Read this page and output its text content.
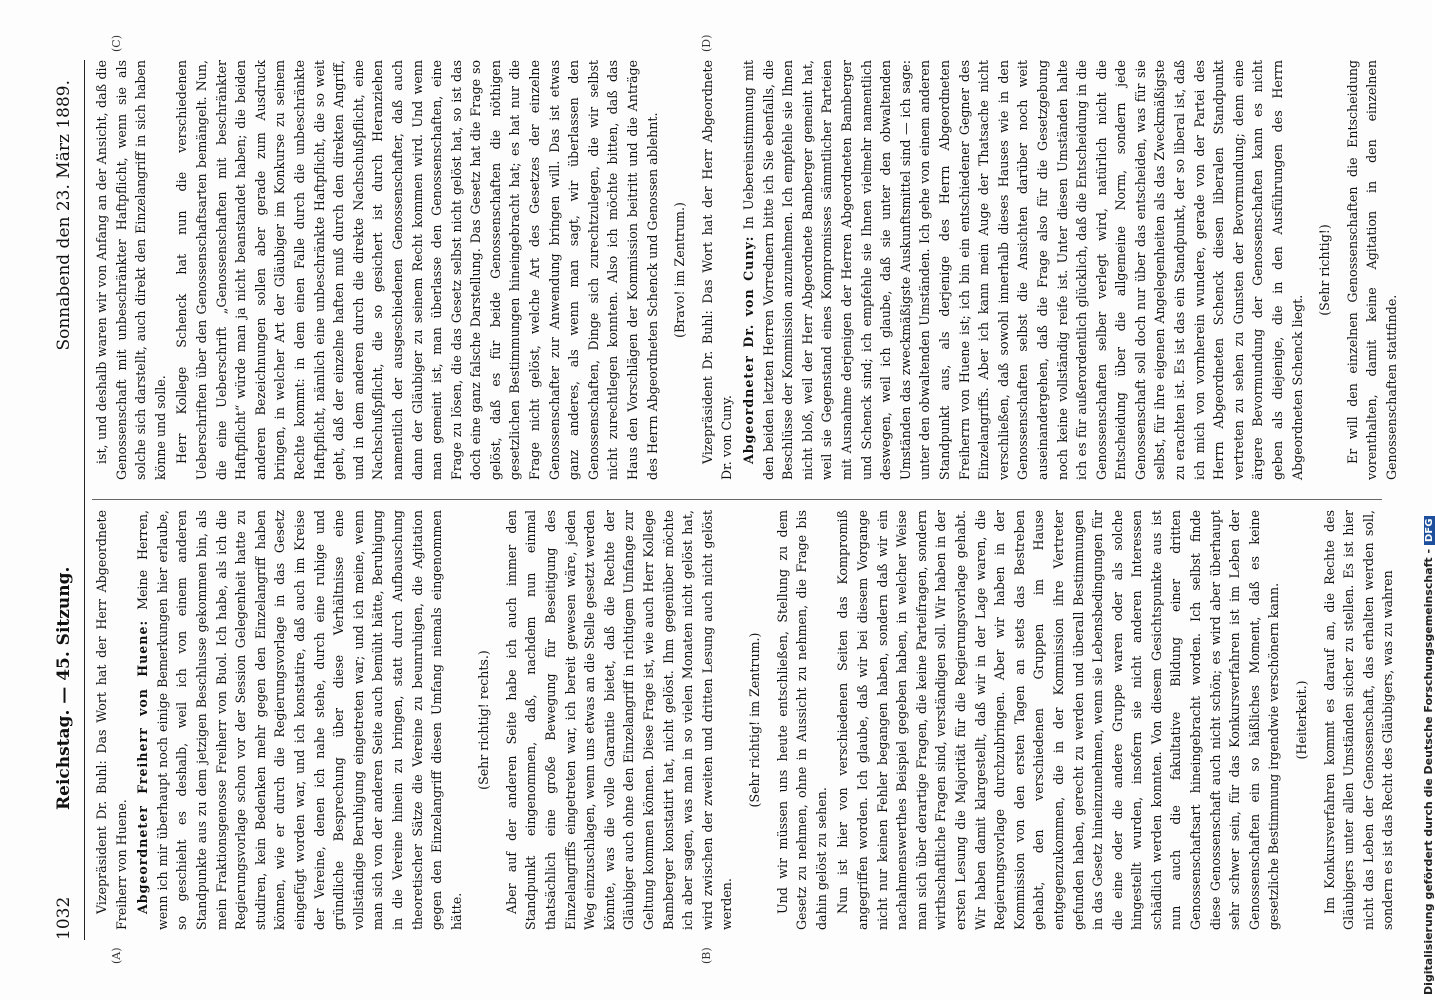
1032
Reichstag. — 45. Sitzung.
Sonnabend den 23. März 1889.
(A)	(B)
(C)	(D)

Vizepräsident Dr. Buhl: Das Wort hat der Herr Abgeordnete Freiherr von Huene. Abgeordneter Freiherr von Huene: Meine Herren, wenn ich mir überhaupt noch einige Bemerkungen hier erlaube, so geschieht es deshalb, weil ich von einem anderen Standpunkte aus zu dem jetzigen Beschlusse gekommen bin, als mein Fraktionsgenosse Freiherr von Buol. Ich habe, als ich die Regierungsvorlage schon vor der Session Gelegenheit hatte zu studiren, kein Bedenken mehr gegen den Einzelangriff haben können, wie er durch die Regierungsvorlage in das Gesetz eingefügt worden war, und ich konstatire, daß auch im Kreise der Vereine, denen ich nahe stehe, durch eine ruhige und gründliche Besprechung über diese Verhältnisse eine vollständige Beruhigung eingetreten war; und ich meine, wenn man sich von der anderen Seite auch bemüht hätte, Beruhigung in die Vereine hinein zu bringen, statt durch Aufbauschung theoretischer Sätze die Vereine zu beunruhigen, die Agitation gegen den Einzelangriff diesen Umfang niemals eingenommen hätte.

(Sehr richtig! rechts.) Aber auf der anderen Seite habe ich auch immer den Standpunkt eingenommen, daß, nachdem nun einmal thatsächlich eine große Bewegung für Beseitigung des Einzelangriffs eingetreten war, ich bereit gewesen wäre, jeden Weg einzuschlagen, wenn uns etwas an die Stelle gesetzt werden könnte, was die volle Garantie bietet, daß die Rechte der Gläubiger auch ohne den Einzelangriff in richtigem Umfange zur Geltung kommen können. Diese Frage ist, wie auch Herr Kollege Bamberger konstatirt hat, nicht gelöst. Ihm gegenüber möchte ich aber sagen, was man in so vielen Monaten nicht gelöst hat, wird zwischen der zweiten und dritten Lesung auch nicht gelöst werden.

(Sehr richtig! im Zentrum.) Und wir müssen uns heute entschließen, Stellung zu dem Gesetz zu nehmen, ohne in Aussicht zu nehmen, die Frage bis dahin gelöst zu sehen. Nun ist hier von verschiedenen Seiten das Kompromiß angegriffen worden. Ich glaube, daß wir bei diesem Vorgange nicht nur keinen Fehler begangen haben, sondern daß wir ein nachahmenswerthes Beispiel gegeben haben, in welcher Weise man sich über derartige Fragen, die keine Parteifragen, sondern wirthschaftliche Fragen sind, verständigen soll. Wir haben in der ersten Lesung die Majorität für die Regierungsvorlage gehabt. Wir haben damit klargestellt, daß wir in der Lage waren, die Regierungsvorlage durchzubringen. Aber wir haben in der Kommission von den ersten Tagen an stets das Bestreben gehabt, den verschiedenen Gruppen im Hause entgegenzukommen, die in der Kommission ihre Vertreter gefunden haben, gerecht zu werden und überall Bestimmungen in das Gesetz hineinzunehmen, wenn sie Lebensbedingungen für die eine oder die andere Gruppe waren oder als solche hingestellt wurden, insofern sie nicht anderen Interessen schädlich werden konnten. Von diesem Gesichtspunkte aus ist nun auch die fakultative Bildung einer dritten Genossenschaftsart hineingebracht worden. Ich selbst finde diese Genossenschaft auch nicht schön; es wird aber überhaupt sehr schwer sein, für das Konkursverfahren ist im Leben der Genossenschaften ein so häßliches Moment, daß es keine gesetzliche Bestimmung irgendwie verschönern kann. (Heiterkeit.) Im Konkursverfahren kommt es darauf an, die Rechte des Gläubigers unter allen Umständen sicher zu stellen. Es ist hier nicht das Leben der Genossenschaft, das erhalten werden soll, sondern es ist das Recht des Gläubigers, was zu wahren

ist, und deshalb waren wir von Anfang an der Ansicht, daß die Genossenschaft mit unbeschränkter Haftpflicht, wenn sie als solche sich darstellt, auch direkt den Einzelangriff in sich haben könne und solle. Herr Kollege Schenck hat nun die verschiedenen Ueberschriften über den Genossenschaftsarten bemängelt. Nun, die eine Ueberschrift „Genossenschaften mit beschränkter Haftpflicht“ würde man ja nicht beanstandet haben; die beiden anderen Bezeichnungen sollen aber gerade zum Ausdruck bringen, in welcher Art der Gläubiger im Konkurse zu seinem Rechte kommt: in dem einen Falle durch die unbeschränkte Haftpflicht, nämlich eine unbeschränkte Haftpflicht, die so weit geht, daß der einzelne haften muß durch den direkten Angriff, und in dem anderen durch die direkte Nachschußpflicht, eine Nachschußpflicht, die so gesichert ist durch Heranziehen namentlich der ausgeschiedenen Genossenschafter, daß auch dann der Gläubiger zu seinem Recht kommen wird. Und wenn man gemeint ist, man überlasse den Genossenschaften, eine Frage zu lösen, die das Gesetz selbst nicht gelöst hat, so ist das doch eine ganz falsche Darstellung. Das Gesetz hat die Frage so gelöst, daß es für beide Genossenschaften die nöthigen gesetzlichen Bestimmungen hineingebracht hat; es hat nur die Frage nicht gelöst, welche Art des Gesetzes der einzelne Genossenschafter zur Anwendung bringen will. Das ist etwas ganz anderes, als wenn man sagt, wir überlassen den Genossenschaften, Dinge sich zurechtzulegen, die wir selbst nicht zurechtlegen konnten. Also ich möchte bitten, daß das Haus den Vorschlägen der Kommission beitritt und die Anträge des Herrn Abgeordneten Schenck und Genossen ablehnt. (Bravo! im Zentrum.) Vizepräsident Dr. Buhl: Das Wort hat der Herr Abgeordnete Dr. von Cuny. Abgeordneter Dr. von Cuny: In Uebereinstimmung mit den beiden letzten Herren Vorrednern bitte ich Sie ebenfalls, die Beschlüsse der Kommission anzunehmen. Ich empfehle sie Ihnen nicht bloß, weil der Herr Abgeordnete Bamberger gemeint hat, weil sie Gegenstand eines Kompromisses sämmtlicher Parteien mit Ausnahme derjenigen der Herren Abgeordneten Bamberger und Schenck sind; ich empfehle sie Ihnen vielmehr namentlich deswegen, weil ich glaube, daß sie unter den obwaltenden Umständen das zweckmäßigste Auskunftsmittel sind — ich sage: unter den obwaltenden Umständen. Ich gehe von einem anderen Standpunkt aus, als derjenige des Herrn Abgeordneten Freiherrn von Huene ist; ich bin ein entschiedener Gegner des Einzelangriffs. Aber ich kann mein Auge der Thatsache nicht verschließen, daß sowohl innerhalb dieses Hauses wie in den Genossenschaften selbst die Ansichten darüber noch weit auseinandergehen, daß die Frage also für die Gesetzgebung noch keine vollständig reife ist. Unter diesen Umständen halte ich es für außerordentlich glücklich, daß die Entscheidung in die Genossenschaften selber verlegt wird, natürlich nicht die Entscheidung über die allgemeine Norm, sondern jede Genossenschaft soll doch nur über das entscheiden, was für sie selbst, für ihre eigenen Angelegenheiten als das Zweckmäßigste zu erachten ist. Es ist das ein Standpunkt, der so liberal ist, daß ich mich von vornherein wundere, gerade von der Partei des Herrn Abgeordneten Schenck diesen liberalen Standpunkt vertreten zu sehen zu Gunsten der Bevormundung; denn eine ärgere Bevormundung der Genossenschaften kann es nicht geben als diejenige, die in den Ausführungen des Herrn Abgeordneten Schenck liegt.

(Sehr richtig!) Er will den einzelnen Genossenschaften die Entscheidung vorenthalten, damit keine Agitation in den einzelnen Genossenschaften stattfinde.

Digitalisierung gefördert durch die Deutsche Forschungsgemeinschaft -DFG
